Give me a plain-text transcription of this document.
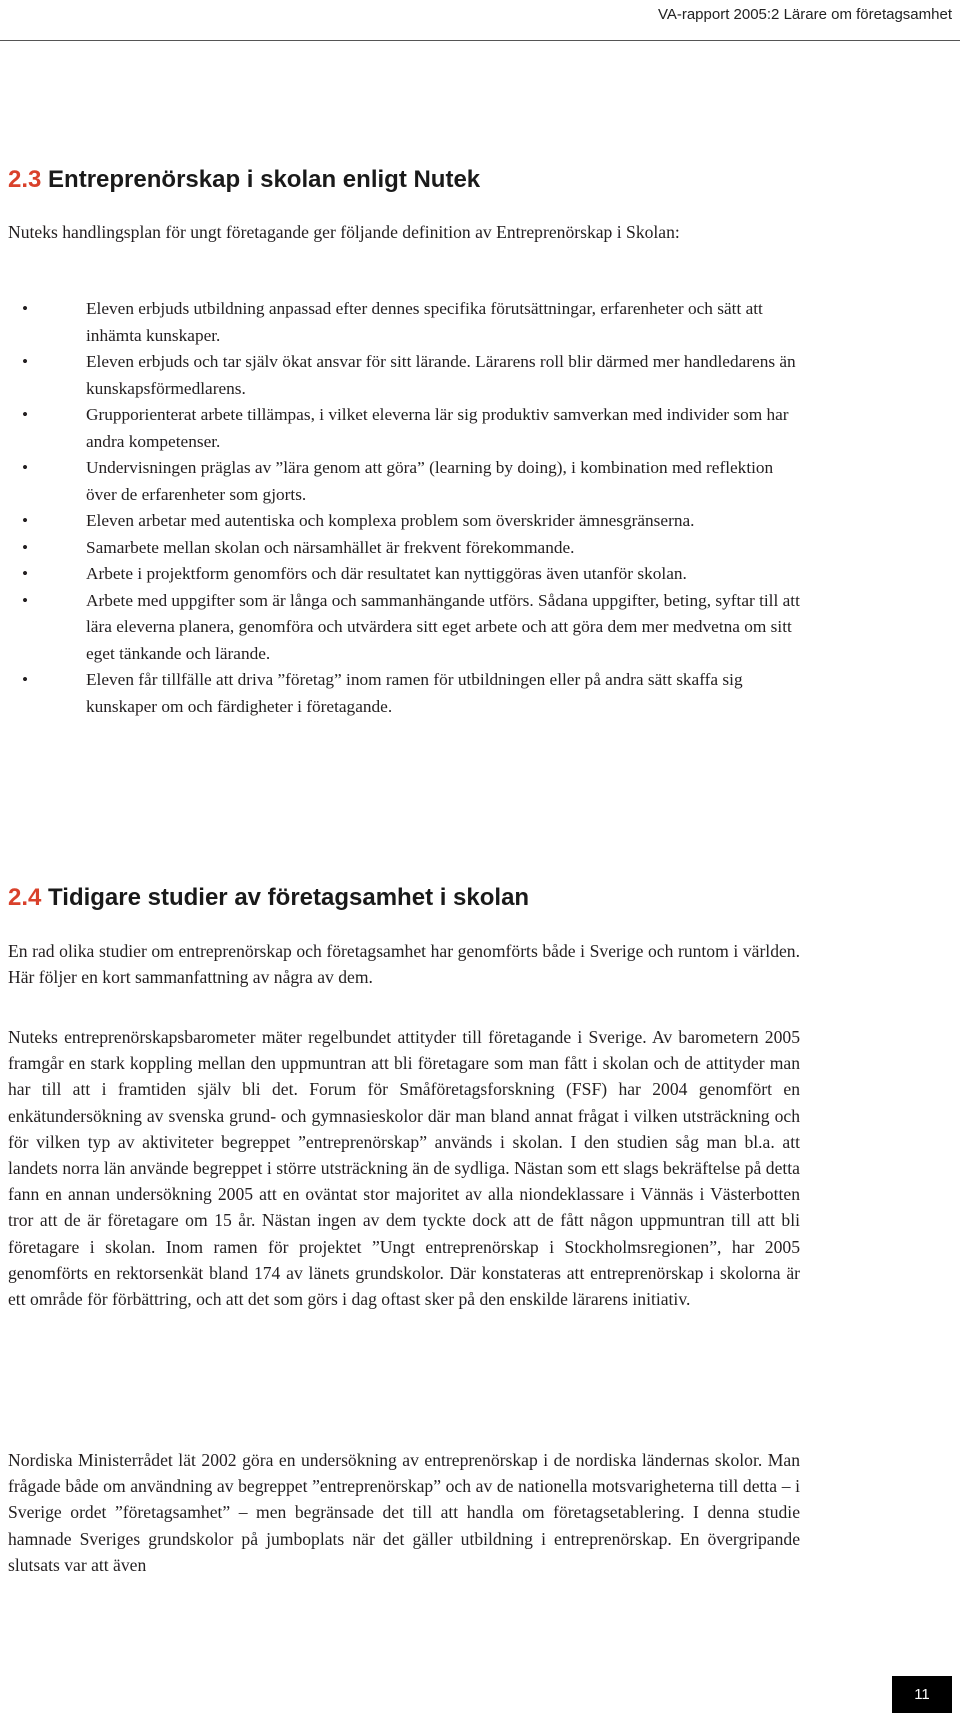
VA-rapport 2005:2 Lärare om företagsamhet
2.3 Entreprenörskap i skolan enligt Nutek

Nuteks handlingsplan för ungt företagande ger följande definition av Entreprenörskap i Skolan:

• Eleven erbjuds utbildning anpassad efter dennes specifika förutsättningar, erfarenheter och sätt att inhämta kunskaper.
• Eleven erbjuds och tar själv ökat ansvar för sitt lärande. Lärarens roll blir därmed mer handledarens än kunskapsförmedlarens.
• Grupporienterat arbete tillämpas, i vilket eleverna lär sig produktiv samverkan med individer som har andra kompetenser.
• Undervisningen präglas av ”lära genom att göra” (learning by doing), i kombination med reflektion över de erfarenheter som gjorts.
• Eleven arbetar med autentiska och komplexa problem som överskrider ämnesgränserna.
• Samarbete mellan skolan och närsamhället är frekvent förekommande.
• Arbete i projektform genomförs och där resultatet kan nyttiggöras även utanför skolan.
• Arbete med uppgifter som är långa och sammanhängande utförs. Sådana uppgifter, beting, syftar till att lära eleverna planera, genomföra och utvärdera sitt eget arbete och att göra dem mer medvetna om sitt eget tänkande och lärande.
• Eleven får tillfälle att driva ”företag” inom ramen för utbildningen eller på andra sätt skaffa sig kunskaper om och färdigheter i företagande.
2.4 Tidigare studier av företagsamhet i skolan

En rad olika studier om entreprenörskap och företagsamhet har genomförts både i Sverige och runtom i världen. Här följer en kort sammanfattning av några av dem.

Nuteks entreprenörskapsbarometer mäter regelbundet attityder till företagande i Sverige. Av barometern 2005 framgår en stark koppling mellan den uppmuntran att bli företagare som man fått i skolan och de attityder man har till att i framtiden själv bli det. Forum för Småföretagsforskning (FSF) har 2004 genomfört en enkätundersökning av svenska grund- och gymnasieskolor där man bland annat frågat i vilken utsträckning och för vilken typ av aktiviteter begreppet ”entreprenörskap” används i skolan. I den studien såg man bl.a. att landets norra län använde begreppet i större utsträckning än de sydliga. Nästan som ett slags bekräftelse på detta fann en annan undersökning 2005 att en oväntat stor majoritet av alla niondeklassare i Vännäs i Västerbotten tror att de är företagare om 15 år. Nästan ingen av dem tyckte dock att de fått någon uppmuntran till att bli företagare i skolan. Inom ramen för projektet ”Ungt entreprenörskap i Stockholmsregionen”, har 2005 genomförts en rektorsenkät bland 174 av länets grundskolor. Där konstateras att entreprenörskap i skolorna är ett område för förbättring, och att det som görs i dag oftast sker på den enskilde lärarens initiativ.

Nordiska Ministerrådet lät 2002 göra en undersökning av entreprenörskap i de nordiska ländernas skolor. Man frågade både om användning av begreppet ”entreprenörskap” och av de nationella motsvarigheterna till detta – i Sverige ordet ”företagsamhet” – men begränsade det till att handla om företagsetablering. I denna studie hamnade Sveriges grundskolor på jumboplats när det gäller utbildning i entreprenörskap. En övergripande slutsats var att även

11
